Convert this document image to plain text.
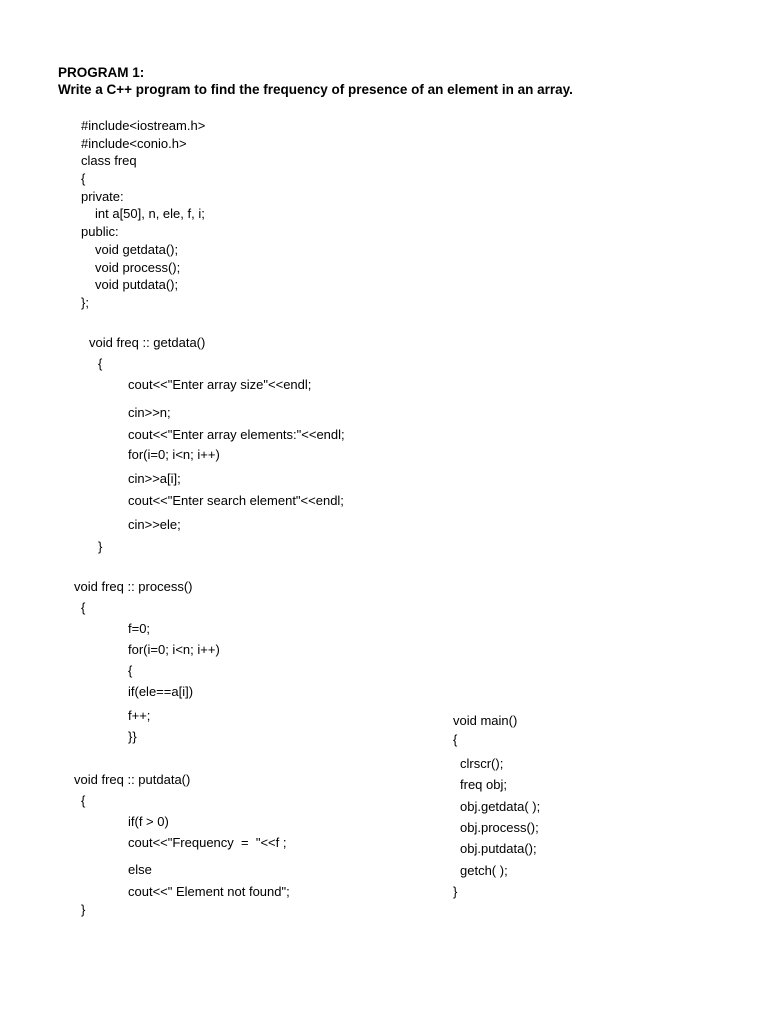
PROGRAM 1:
Write a C++ program to find the frequency of presence of an element in an array.
#include<iostream.h>
#include<conio.h>
class freq
{
private:
int a[50], n, ele, f, i;
public:
void getdata();
void process();
void putdata();
};
void freq :: getdata()
{
cout<<"Enter array size"<<endl;
cin>>n;
cout<<"Enter array elements:"<<endl;
for(i=0; i<n; i++)
cin>>a[i];
cout<<"Enter search element"<<endl;
cin>>ele;
}
void freq :: process()
{
f=0;
for(i=0; i<n; i++)
{
if(ele==a[i])
f++;
}}
void freq :: putdata()
{
if(f > 0)
cout<<"Frequency  =  "<<f ;
else
cout<<" Element not found";
}
void main()
{
clrscr();
freq obj;
obj.getdata( );
obj.process();
obj.putdata();
getch( );
}
